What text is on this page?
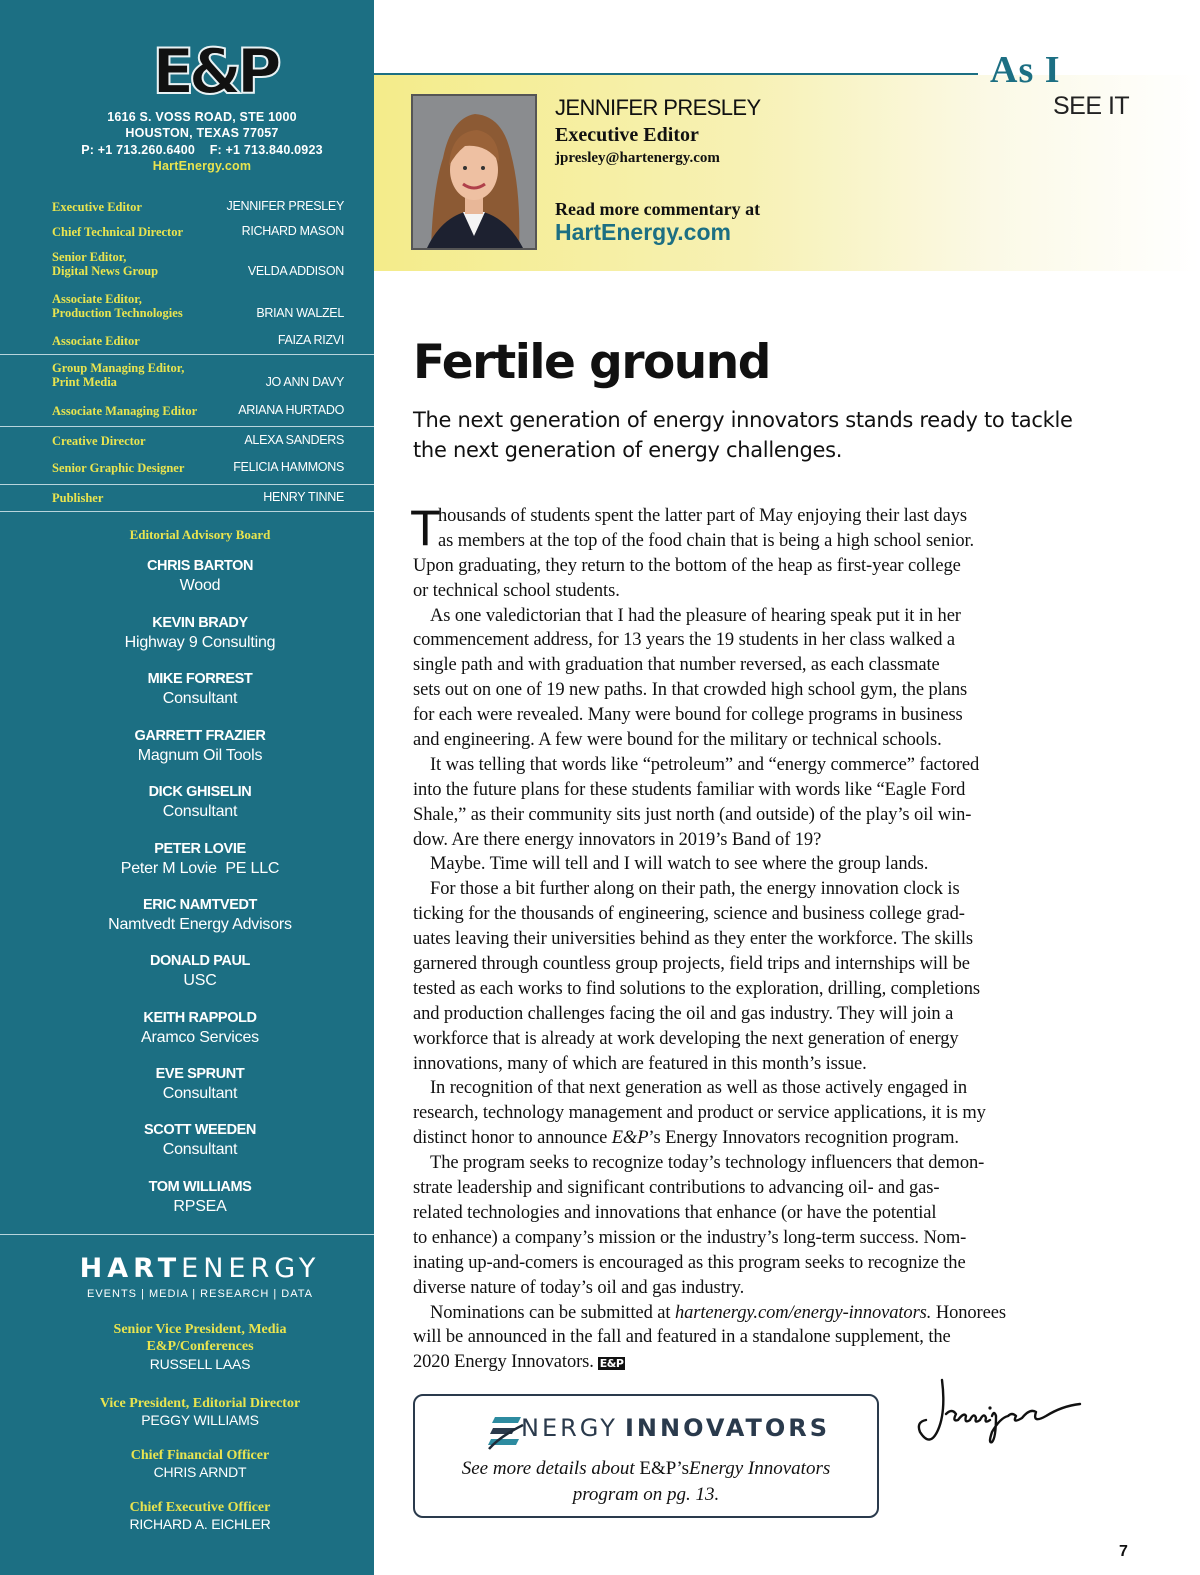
E&P
1616 S. VOSS ROAD, STE 1000
HOUSTON, TEXAS 77057
P: +1 713.260.6400    F: +1 713.840.0923
HartEnergy.com
Executive Editor	JENNIFER PRESLEY
Chief Technical Director	RICHARD MASON
Senior Editor,
Digital News Group	VELDA ADDISON
Associate Editor,
Production Technologies	BRIAN WALZEL
Associate Editor	FAIZA RIZVI
Group Managing Editor,
Print Media	JO ANN DAVY
Associate Managing Editor	ARIANA HURTADO
Creative Director	ALEXA SANDERS
Senior Graphic Designer	FELICIA HAMMONS
Publisher	HENRY TINNE
Editorial Advisory Board
CHRIS BARTON
Wood
KEVIN BRADY
Highway 9 Consulting
MIKE FORREST
Consultant
GARRETT FRAZIER
Magnum Oil Tools
DICK GHISELIN
Consultant
PETER LOVIE
Peter M Lovie  PE LLC
ERIC NAMTVEDT
Namtvedt Energy Advisors
DONALD PAUL
USC
KEITH RAPPOLD
Aramco Services
EVE SPRUNT
Consultant
SCOTT WEEDEN
Consultant
TOM WILLIAMS
RPSEA
HARTENERGY
EVENTS | MEDIA | RESEARCH | DATA
Senior Vice President, Media
E&P/Conferences
RUSSELL LAAS
Vice President, Editorial Director
PEGGY WILLIAMS
Chief Financial Officer
CHRIS ARNDT
Chief Executive Officer
RICHARD A. EICHLER
As I
SEE IT
JENNIFER PRESLEY
Executive Editor
jpresley@hartenergy.com
Read more commentary at
HartEnergy.com
Fertile ground
The next generation of energy innovators stands ready to tackle the next generation of energy challenges.
T
housands of students spent the latter part of May enjoying their last days
as members at the top of the food chain that is being a high school senior.
Upon graduating, they return to the bottom of the heap as first-year college
or technical school students.
As one valedictorian that I had the pleasure of hearing speak put it in her
commencement address, for 13 years the 19 students in her class walked a
single path and with graduation that number reversed, as each classmate
sets out on one of 19 new paths. In that crowded high school gym, the plans
for each were revealed. Many were bound for college programs in business
and engineering. A few were bound for the military or technical schools.
It was telling that words like “petroleum” and “energy commerce” factored
into the future plans for these students familiar with words like “Eagle Ford
Shale,” as their community sits just north (and outside) of the play’s oil win-
dow. Are there energy innovators in 2019’s Band of 19?
Maybe. Time will tell and I will watch to see where the group lands.
For those a bit further along on their path, the energy innovation clock is
ticking for the thousands of engineering, science and business college grad-
uates leaving their universities behind as they enter the workforce. The skills
garnered through countless group projects, field trips and internships will be
tested as each works to find solutions to the exploration, drilling, completions
and production challenges facing the oil and gas industry. They will join a
workforce that is already at work developing the next generation of energy
innovations, many of which are featured in this month’s issue.
In recognition of that next generation as well as those actively engaged in
research, technology management and product or service applications, it is my
distinct honor to announce E&P’s Energy Innovators recognition program.
The program seeks to recognize today’s technology influencers that demon-
strate leadership and significant contributions to advancing oil- and gas-
related technologies and innovations that enhance (or have the potential
to enhance) a company’s mission or the industry’s long-term success. Nom-
inating up-and-comers is encouraged as this program seeks to recognize the
diverse nature of today’s oil and gas industry.
Nominations can be submitted at hartenergy.com/energy-innovators. Honorees
will be announced in the fall and featured in a standalone supplement, the
2020 Energy Innovators. E&P
NERGY INNOVATORS
See more details about E&P’sEnergy Innovators
program on pg. 13.
7
